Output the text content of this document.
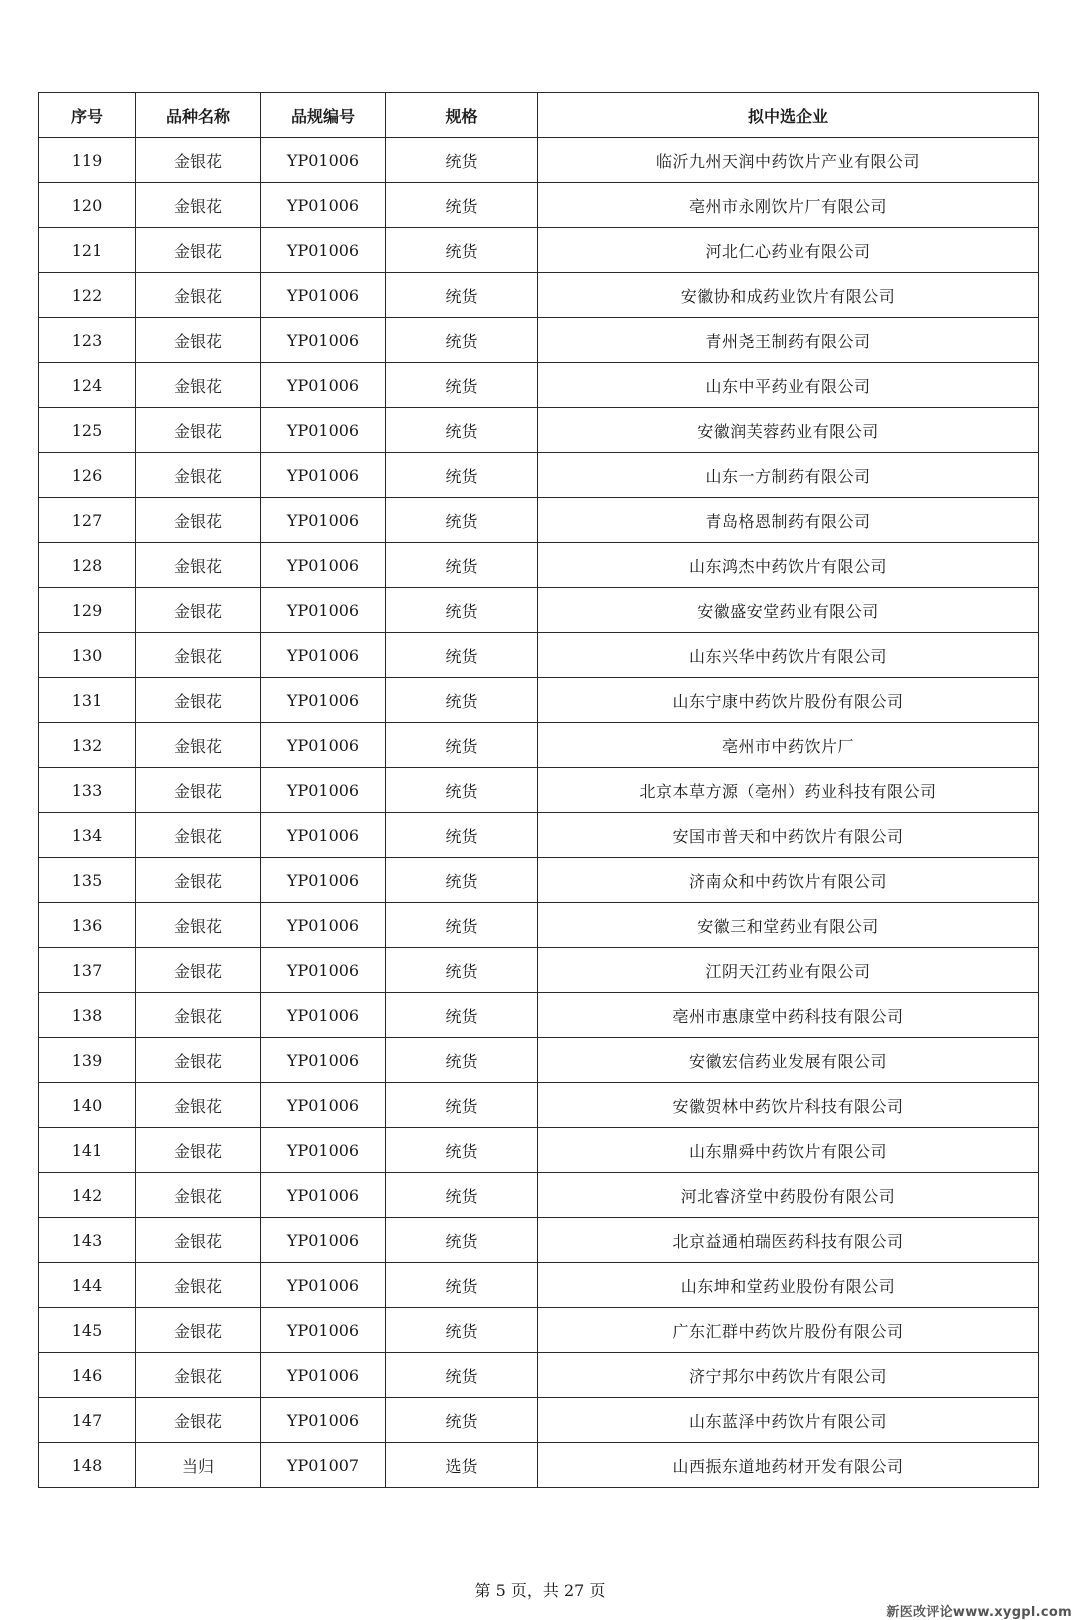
序号	品种名称	品规编号	规格	拟中选企业
119	金银花	YP01006	统货	临沂九州天润中药饮片产业有限公司
120	金银花	YP01006	统货	亳州市永刚饮片厂有限公司
121	金银花	YP01006	统货	河北仁心药业有限公司
122	金银花	YP01006	统货	安徽协和成药业饮片有限公司
123	金银花	YP01006	统货	青州尧王制药有限公司
124	金银花	YP01006	统货	山东中平药业有限公司
125	金银花	YP01006	统货	安徽润芙蓉药业有限公司
126	金银花	YP01006	统货	山东一方制药有限公司
127	金银花	YP01006	统货	青岛格恩制药有限公司
128	金银花	YP01006	统货	山东鸿杰中药饮片有限公司
129	金银花	YP01006	统货	安徽盛安堂药业有限公司
130	金银花	YP01006	统货	山东兴华中药饮片有限公司
131	金银花	YP01006	统货	山东宁康中药饮片股份有限公司
132	金银花	YP01006	统货	亳州市中药饮片厂
133	金银花	YP01006	统货	北京本草方源（亳州）药业科技有限公司
134	金银花	YP01006	统货	安国市普天和中药饮片有限公司
135	金银花	YP01006	统货	济南众和中药饮片有限公司
136	金银花	YP01006	统货	安徽三和堂药业有限公司
137	金银花	YP01006	统货	江阴天江药业有限公司
138	金银花	YP01006	统货	亳州市惠康堂中药科技有限公司
139	金银花	YP01006	统货	安徽宏信药业发展有限公司
140	金银花	YP01006	统货	安徽贺林中药饮片科技有限公司
141	金银花	YP01006	统货	山东鼎舜中药饮片有限公司
142	金银花	YP01006	统货	河北睿济堂中药股份有限公司
143	金银花	YP01006	统货	北京益通柏瑞医药科技有限公司
144	金银花	YP01006	统货	山东坤和堂药业股份有限公司
145	金银花	YP01006	统货	广东汇群中药饮片股份有限公司
146	金银花	YP01006	统货	济宁邦尔中药饮片有限公司
147	金银花	YP01006	统货	山东蓝泽中药饮片有限公司
148	当归	YP01007	选货	山西振东道地药材开发有限公司
第 5 页，共 27 页
新医改评论www.xygpl.com
